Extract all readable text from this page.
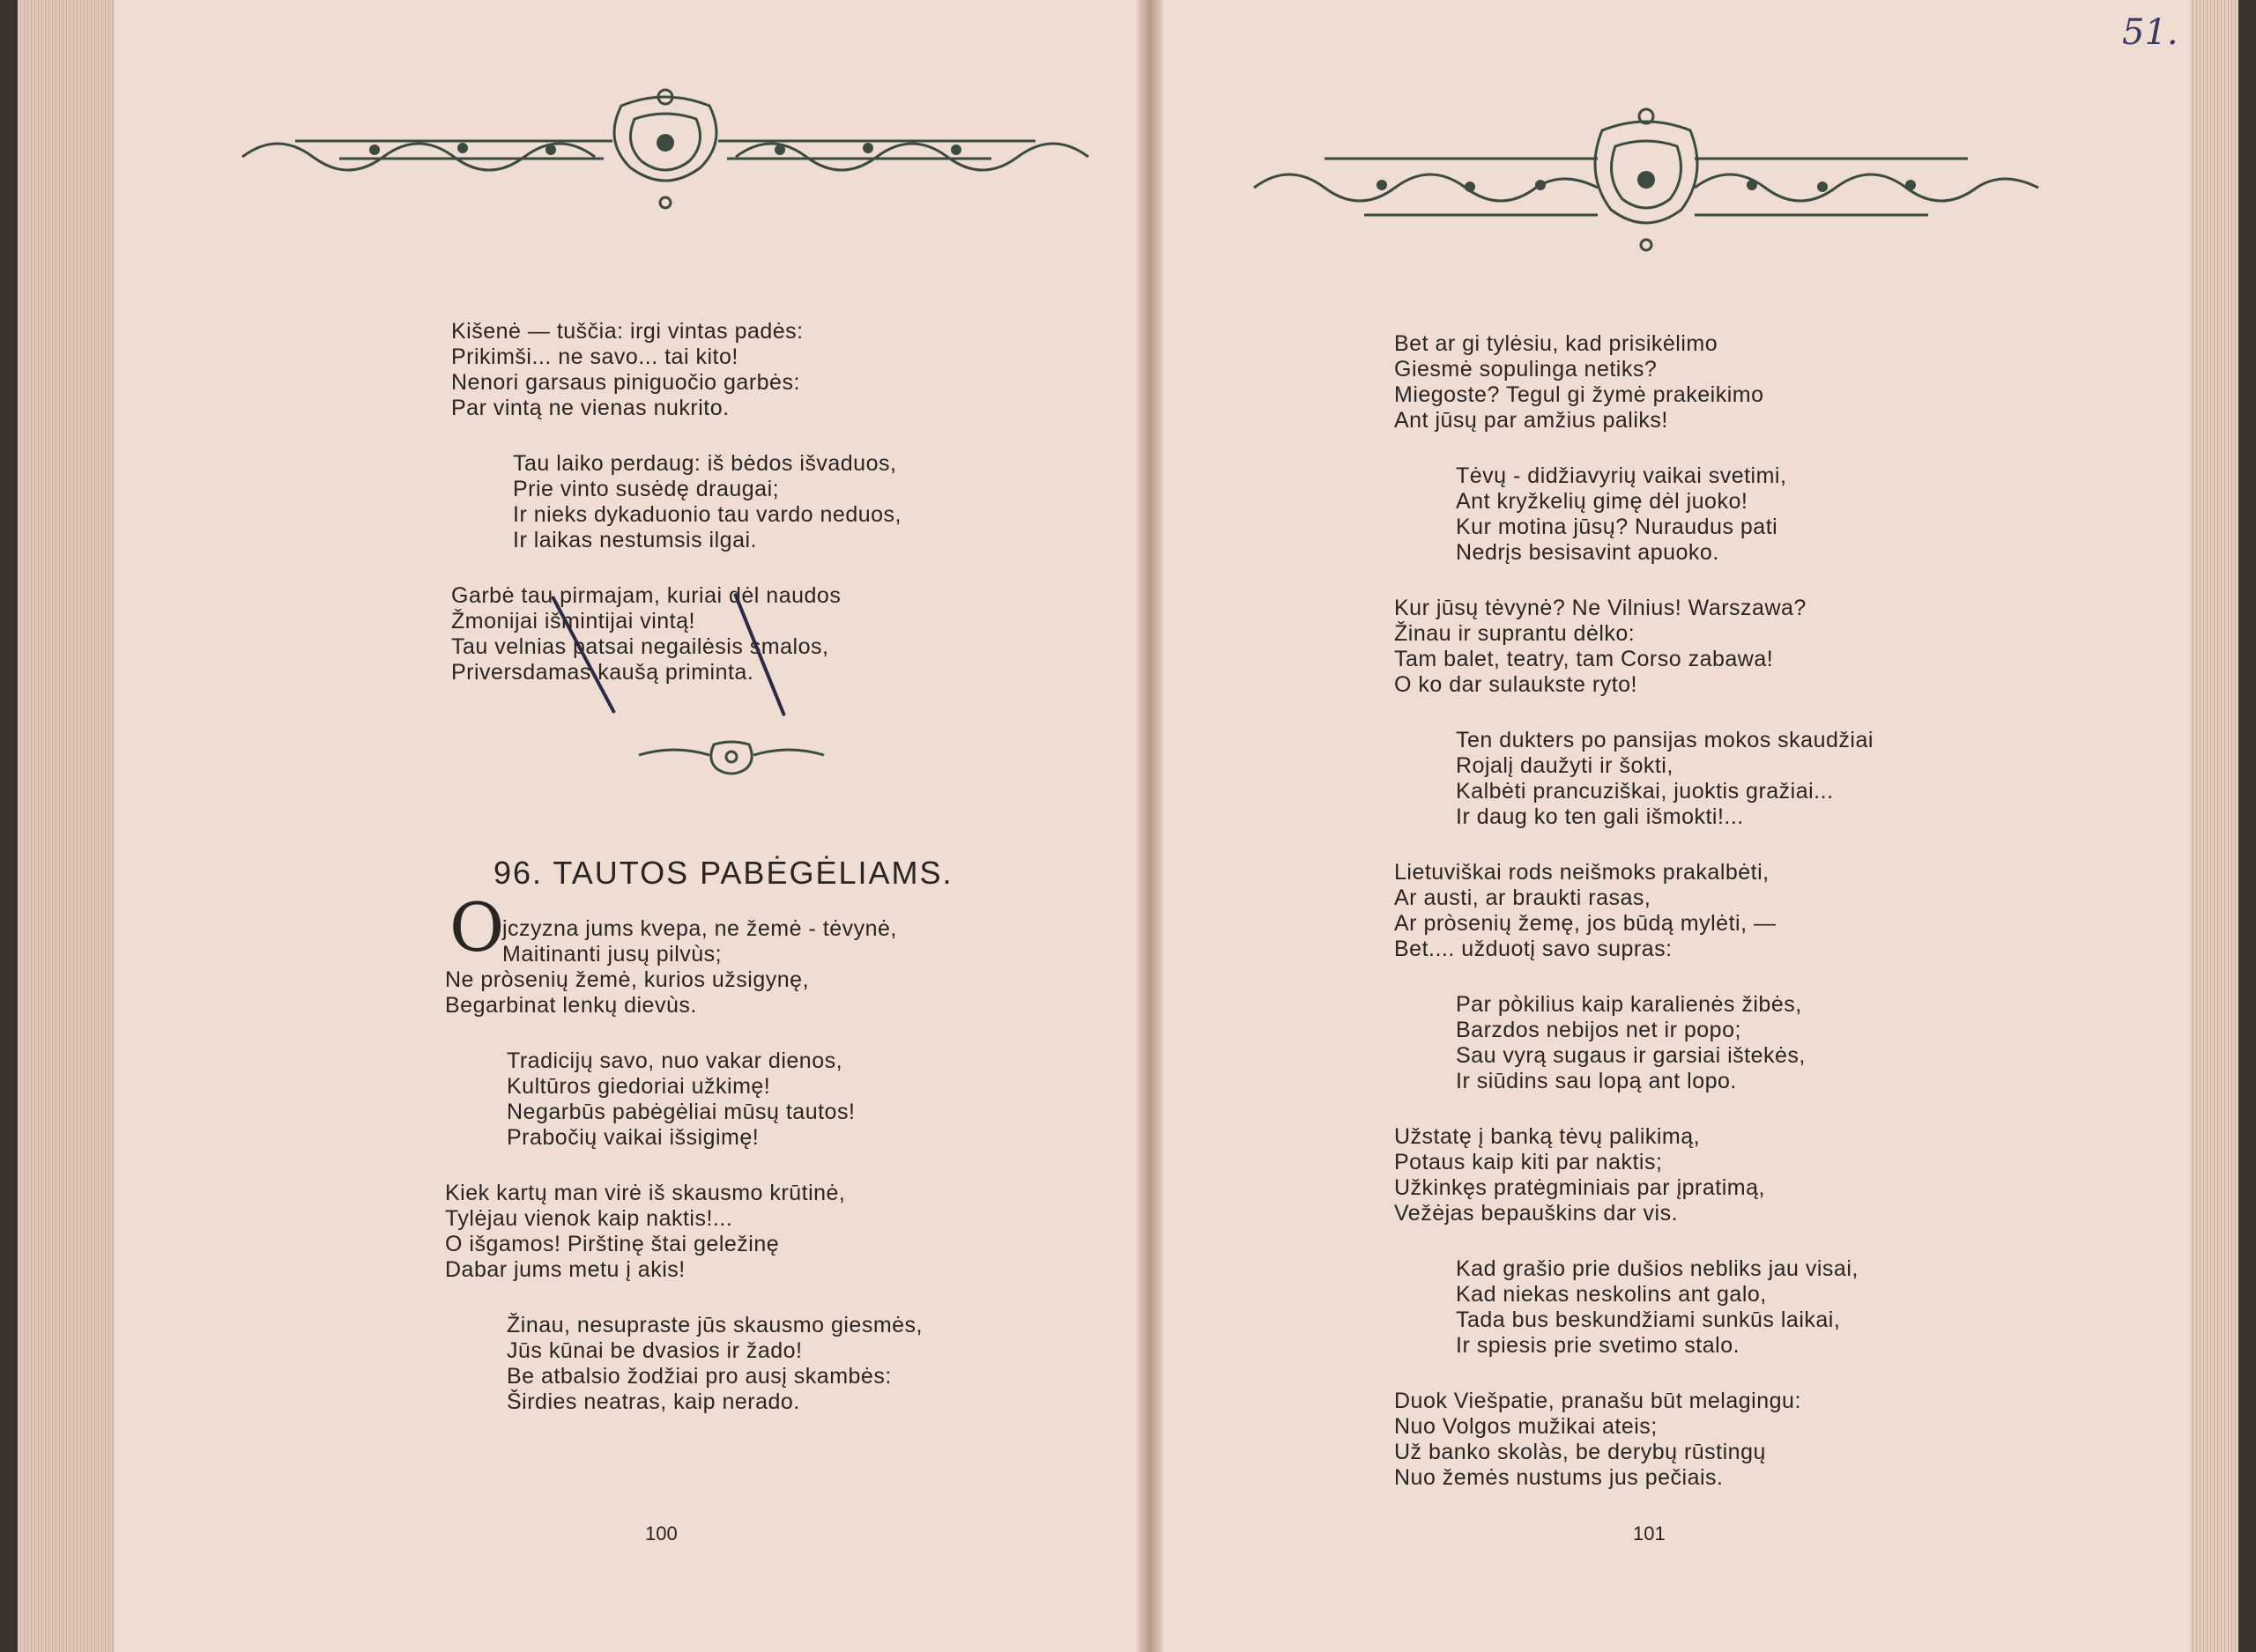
51.
Kišenė — tuščia: irgi vintas padės:
Prikimši... ne savo... tai kito!
Nenori garsaus piniguočio garbės:
Par vintą ne vienas nukrito.
Tau laiko perdaug: iš bėdos išvaduos,
Prie vinto susėdę draugai;
Ir nieks dykaduonio tau vardo neduos,
Ir laikas nestumsis ilgai.
Garbė tau pirmajam, kuriai dėl naudos
Žmonijai išmintijai vintą!
Tau velnias patsai negailėsis smalos,
Priversdamas kaušą priminta.
96. TAUTOS PABĖGĖLIAMS.
O
jczyzna jums kvepa, ne žemė - tėvynė,
Maitinanti jusų pilvùs;
Ne pròsenių žemė, kurios užsigynę,
Begarbinat lenkų dievùs.
Tradicijų savo, nuo vakar dienos,
Kultūros giedoriai užkimę!
Negarbūs pabėgėliai mūsų tautos!
Prabočių vaikai išsigimę!
Kiek kartų man virė iš skausmo krūtinė,
Tylėjau vienok kaip naktis!...
O išgamos! Pirštinę štai geležinę
Dabar jums metu į akis!
Žinau, nesupraste jūs skausmo giesmės,
Jūs kūnai be dvasios ir žado!
Be atbalsio žodžiai pro ausį skambės:
Širdies neatras, kaip nerado.
100
Bet ar gi tylėsiu, kad prisikėlimo
Giesmė sopulinga netiks?
Miegoste? Tegul gi žymė prakeikimo
Ant jūsų par amžius paliks!
Tėvų - didžiavyrių vaikai svetimi,
Ant kryžkelių gimę dėl juoko!
Kur motina jūsų? Nuraudus pati
Nedrįs besisavint apuoko.
Kur jūsų tėvynė? Ne Vilnius! Warszawa?
Žinau ir suprantu dėlko:
Tam balet, teatry, tam Corso zabawa!
O ko dar sulaukste ryto!
Ten dukters po pansijas mokos skaudžiai
Rojalį daužyti ir šokti,
Kalbėti prancuziškai, juoktis gražiai...
Ir daug ko ten gali išmokti!...
Lietuviškai rods neišmoks prakalbėti,
Ar austi, ar braukti rasas,
Ar pròsenių žemę, jos būdą mylėti, —
Bet.... užduotį savo supras:
Par pòkilius kaip karalienės žibės,
Barzdos nebijos net ir popo;
Sau vyrą sugaus ir garsiai ištekės,
Ir siūdins sau lopą ant lopo.
Užstatę į banką tėvų palikimą,
Potaus kaip kiti par naktis;
Užkinkęs pratėgminiais par įpratimą,
Vežėjas bepauškins dar vis.
Kad grašio prie dušios nebliks jau visai,
Kad niekas neskolins ant galo,
Tada bus beskundžiami sunkūs laikai,
Ir spiesis prie svetimo stalo.
Duok Viešpatie, pranašu būt melagingu:
Nuo Volgos mužikai ateis;
Už banko skolàs, be derybų rūstingų
Nuo žemės nustums jus pečiais.
101
